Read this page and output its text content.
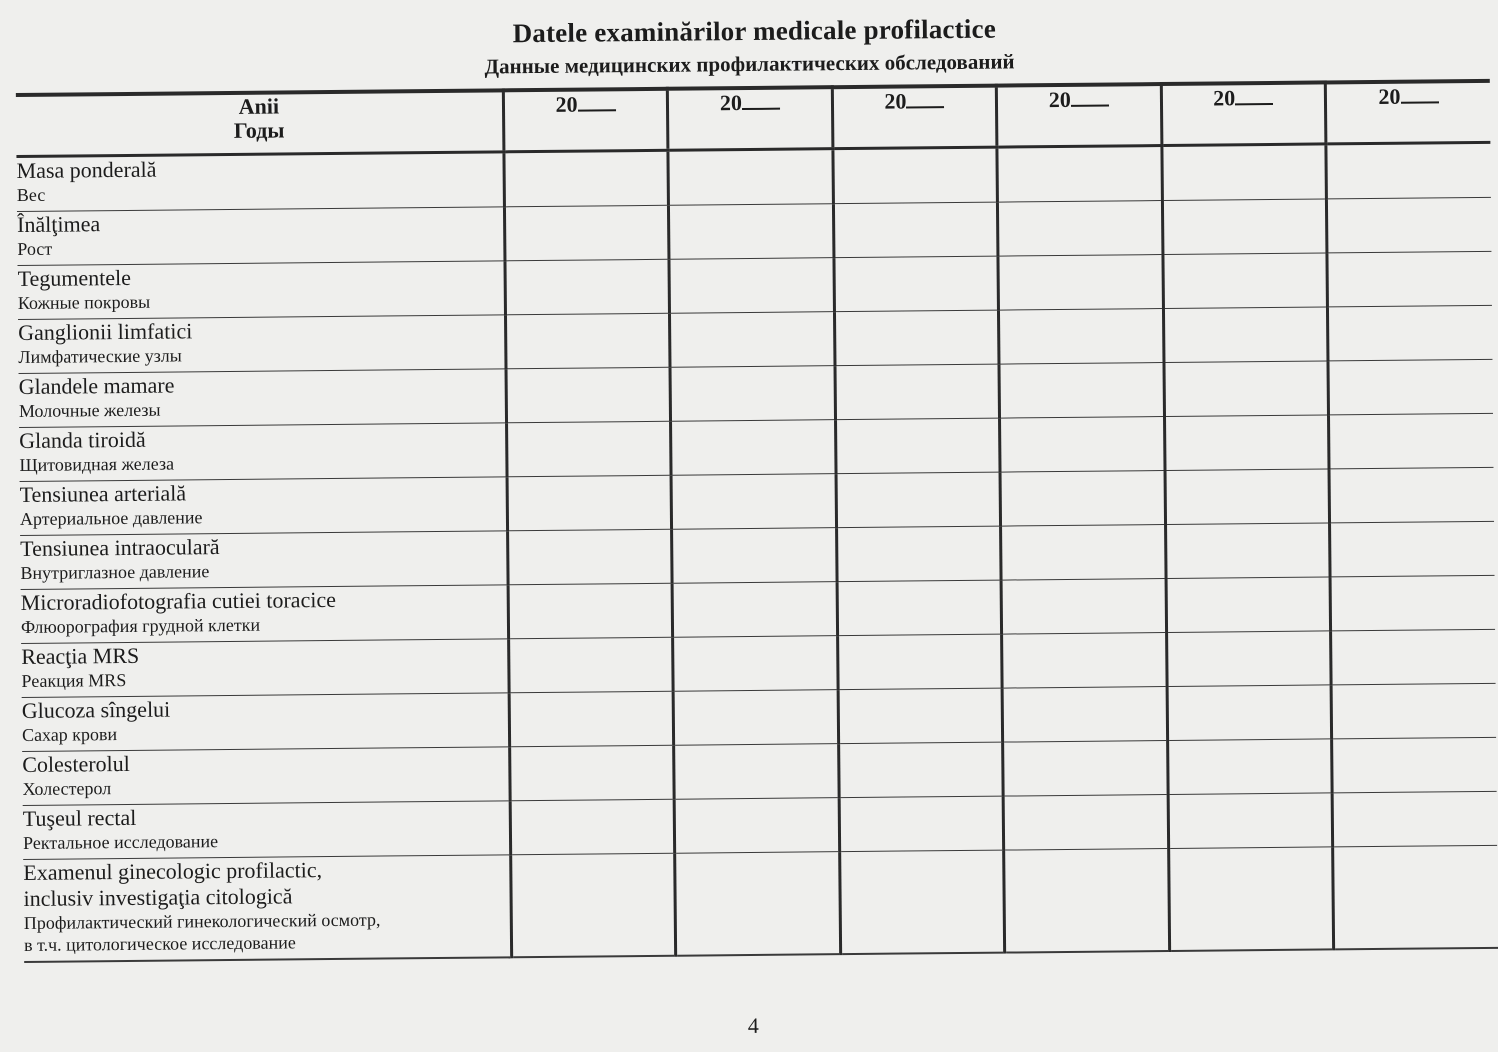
Datele examinărilor medicale profilactice
Данные медицинских профилактических обследований
Anii
Годы	20	20	20	20	20	20

Masa ponderală
Вес						

Înălţimea
Рост						

Tegumentele
Кожные покровы						

Ganglionii limfatici
Лимфатические узлы						

Glandele mamare
Молочные железы						

Glanda tiroidă
Щитовидная железа						

Tensiunea arterială
Артериальное давление						

Tensiunea intraoculară
Внутриглазное давление						

Microradiofotografia cutiei toracice
Флюорография грудной клетки						

Reacţia MRS
Реакция MRS						

Glucoza sîngelui
Сахар крови						

Colesterolul
Холестерол						

Tuşeul rectal
Ректальное исследование						

Examenul ginecologic profilactic,
inclusiv investigaţia citologică
Профилактический гинекологический осмотр,
в т.ч. цитологическое исследование						

4
